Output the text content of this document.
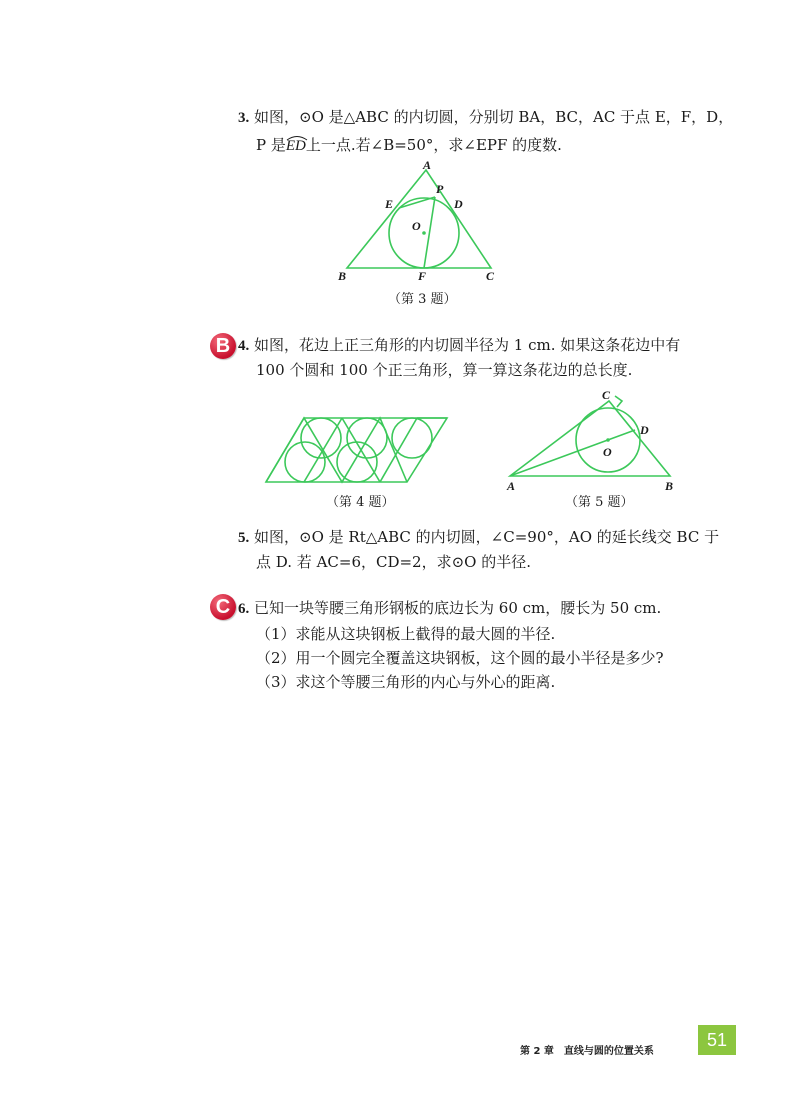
3. 如图，⊙O 是△ABC 的内切圆，分别切 BA，BC，AC 于点 E，F，D，
P 是ED
上一点.若∠B=50°，求∠EPF 的度数.
A
P
E	D
O
B	F	C
（第 3 题）
B 4. 如图，花边上正三角形的内切圆半径为 1 cm. 如果这条花边中有
100 个圆和 100 个正三角形，算一算这条花边的总长度.
（第 4 题）
C
D
O
A	B
（第 5 题）
5. 如图，⊙O 是 Rt△ABC 的内切圆，∠C=90°，AO 的延长线交 BC 于
点 D. 若 AC=6，CD=2，求⊙O 的半径.
C 6. 已知一块等腰三角形钢板的底边长为 60 cm，腰长为 50 cm.
（1）求能从这块钢板上截得的最大圆的半径.
（2）用一个圆完全覆盖这块钢板，这个圆的最小半径是多少?
（3）求这个等腰三角形的内心与外心的距离.
第 2 章　直线与圆的位置关系
51
